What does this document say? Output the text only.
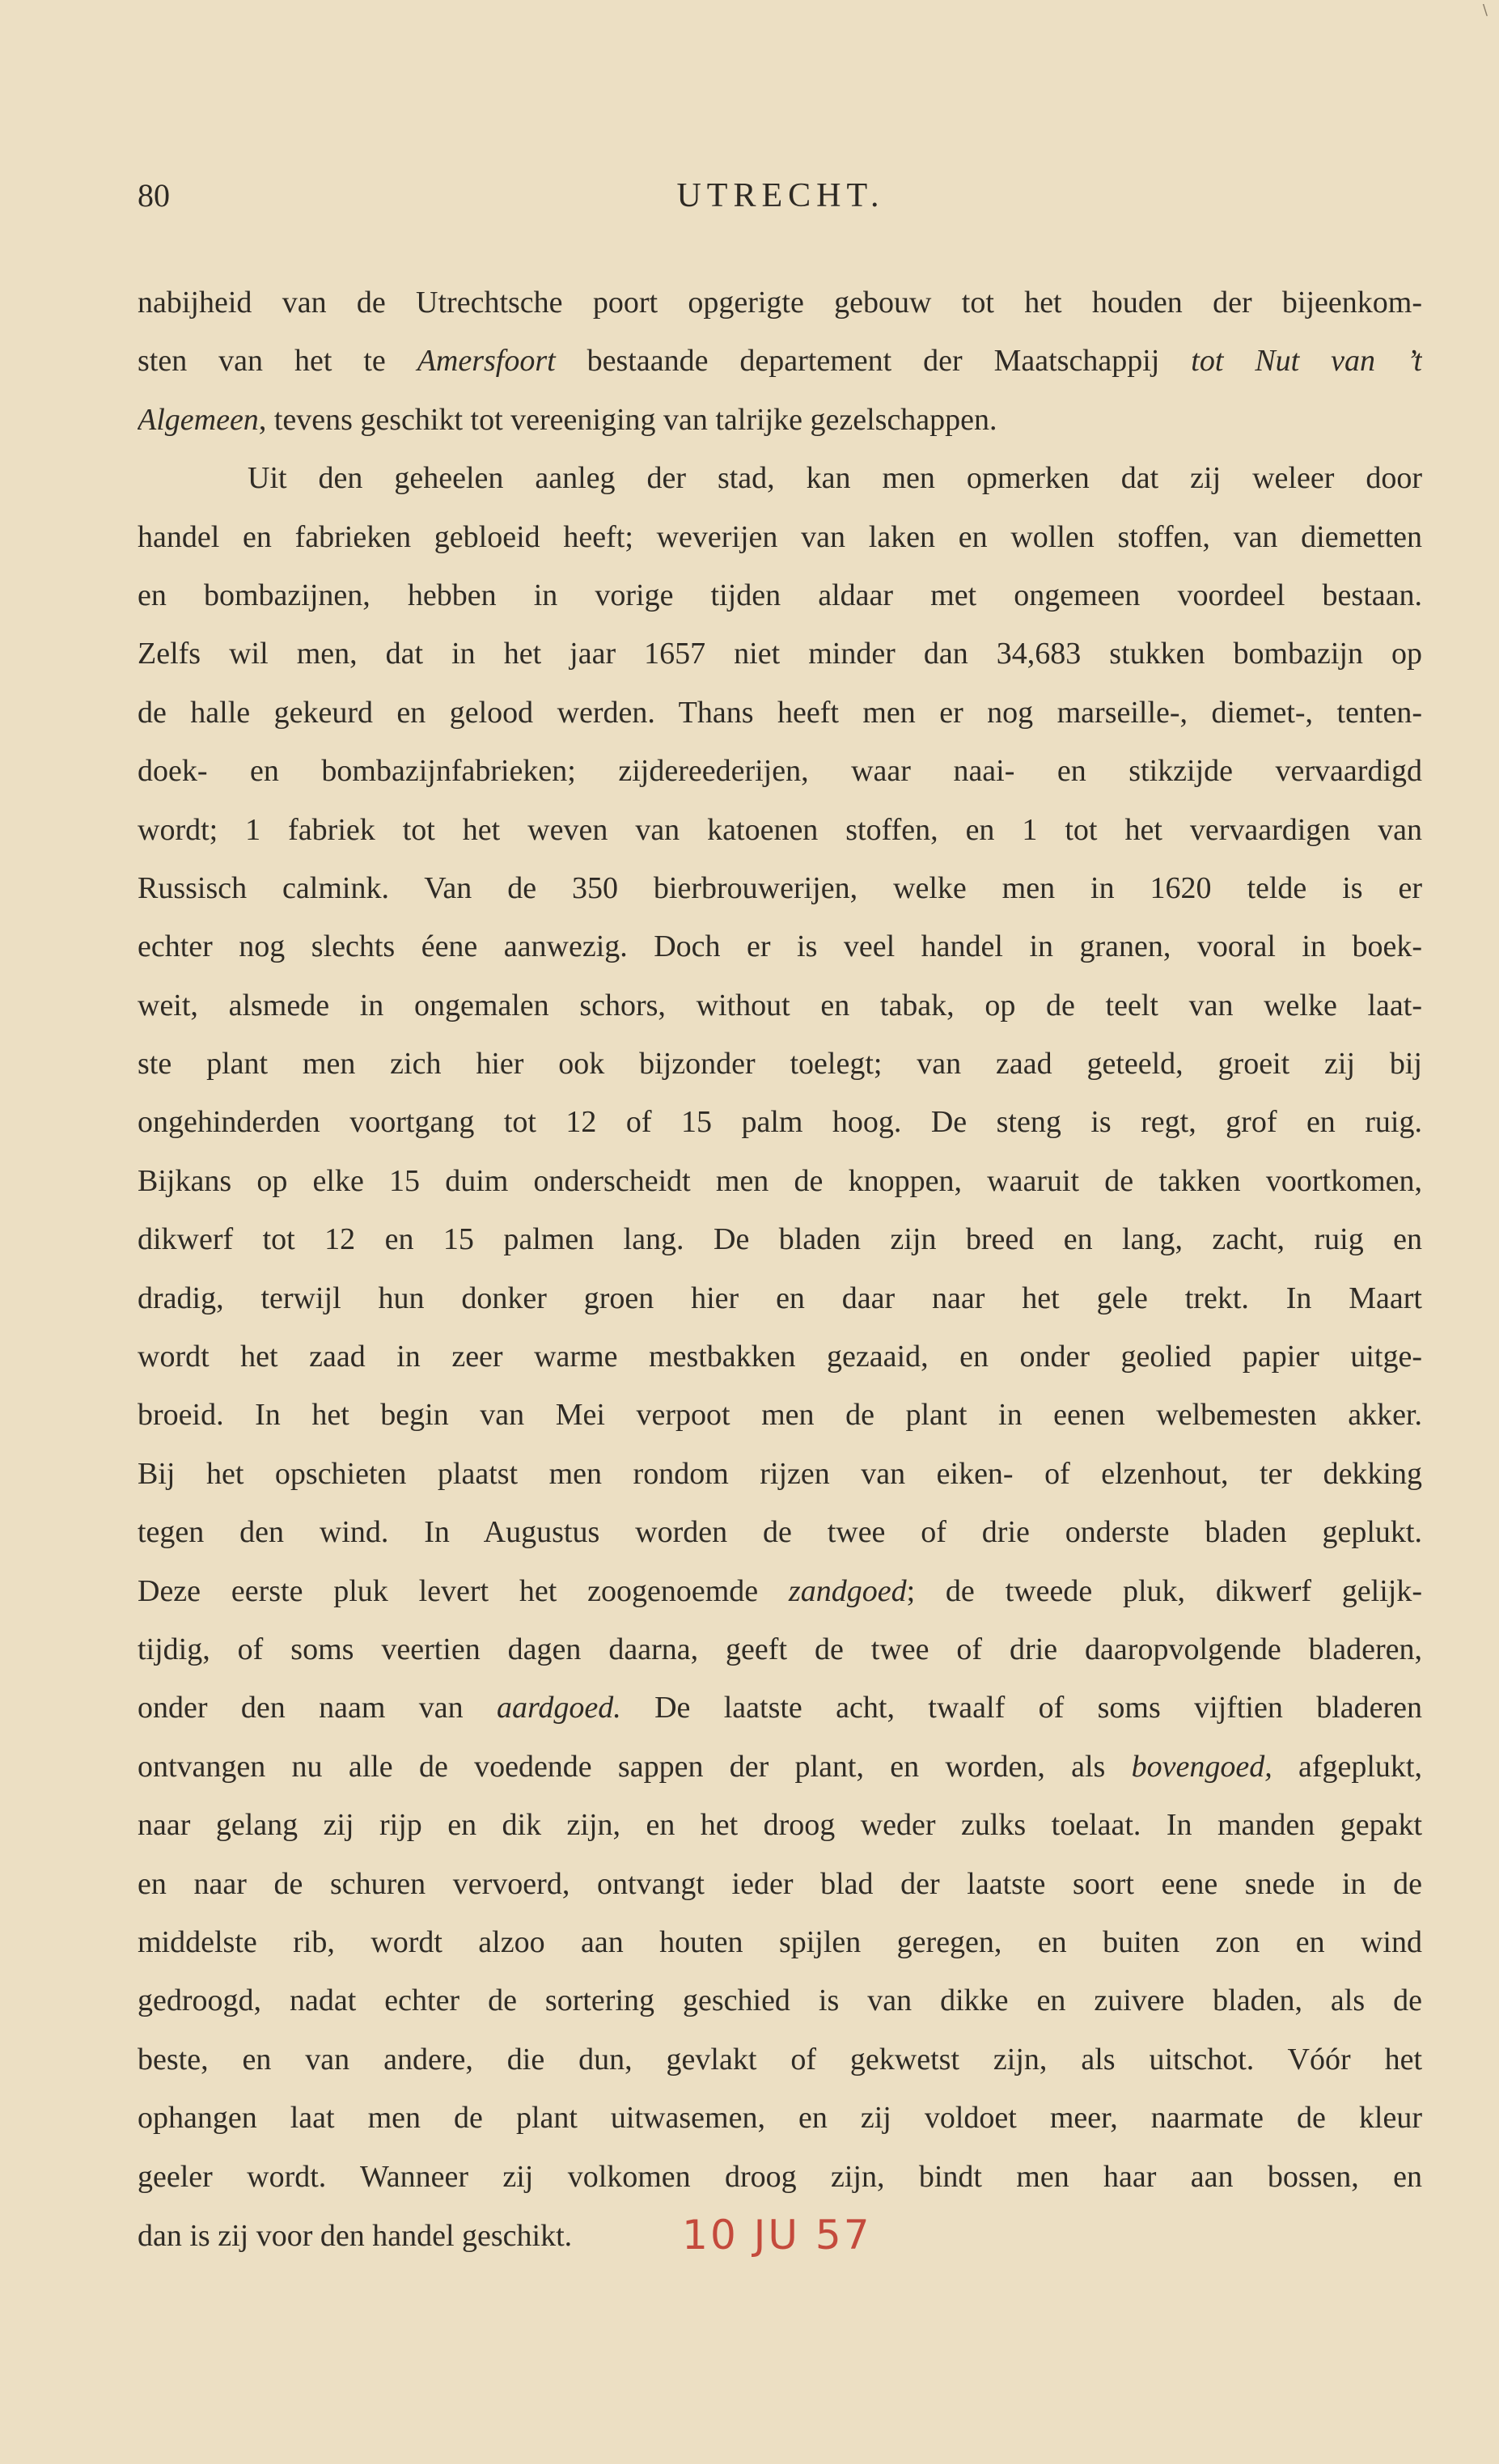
\
80	UTRECHT.
nabijheid van de Utrechtsche poort opgerigte gebouw tot het houden der bijeenkom-
sten van het te Amersfoort bestaande departement der Maatschappij tot Nut van ’t
Algemeen, tevens geschikt tot vereeniging van talrijke gezelschappen.
Uit den geheelen aanleg der stad, kan men opmerken dat zij weleer door
handel en fabrieken gebloeid heeft; weverijen van laken en wollen stoffen, van diemetten
en bombazijnen, hebben in vorige tijden aldaar met ongemeen voordeel bestaan.
Zelfs wil men, dat in het jaar 1657 niet minder dan 34,683 stukken bombazijn op
de halle gekeurd en gelood werden. Thans heeft men er nog marseille-, diemet-, tenten-
doek- en bombazijnfabrieken; zijdereederijen, waar naai- en stikzijde vervaardigd
wordt; 1 fabriek tot het weven van katoenen stoffen, en 1 tot het vervaardigen van
Russisch calmink. Van de 350 bierbrouwerijen, welke men in 1620 telde is er
echter nog slechts éene aanwezig. Doch er is veel handel in granen, vooral in boek-
weit, alsmede in ongemalen schors, without en tabak, op de teelt van welke laat-
ste plant men zich hier ook bijzonder toelegt; van zaad geteeld, groeit zij bij
ongehinderden voortgang tot 12 of 15 palm hoog. De steng is regt, grof en ruig.
Bijkans op elke 15 duim onderscheidt men de knoppen, waaruit de takken voortkomen,
dikwerf tot 12 en 15 palmen lang. De bladen zijn breed en lang, zacht, ruig en
dradig, terwijl hun donker groen hier en daar naar het gele trekt. In Maart
wordt het zaad in zeer warme mestbakken gezaaid, en onder geolied papier uitge-
broeid. In het begin van Mei verpoot men de plant in eenen welbemesten akker.
Bij het opschieten plaatst men rondom rijzen van eiken- of elzenhout, ter dekking
tegen den wind. In Augustus worden de twee of drie onderste bladen geplukt.
Deze eerste pluk levert het zoogenoemde zandgoed; de tweede pluk, dikwerf gelijk-
tijdig, of soms veertien dagen daarna, geeft de twee of drie daaropvolgende bladeren,
onder den naam van aardgoed. De laatste acht, twaalf of soms vijftien bladeren
ontvangen nu alle de voedende sappen der plant, en worden, als bovengoed, afgeplukt,
naar gelang zij rijp en dik zijn, en het droog weder zulks toelaat. In manden gepakt
en naar de schuren vervoerd, ontvangt ieder blad der laatste soort eene snede in de
middelste rib, wordt alzoo aan houten spijlen geregen, en buiten zon en wind
gedroogd, nadat echter de sortering geschied is van dikke en zuivere bladen, als de
beste, en van andere, die dun, gevlakt of gekwetst zijn, als uitschot. Vóór het
ophangen laat men de plant uitwasemen, en zij voldoet meer, naarmate de kleur
geeler wordt. Wanneer zij volkomen droog zijn, bindt men haar aan bossen, en
dan is zij voor den handel geschikt.	10 JU 57
